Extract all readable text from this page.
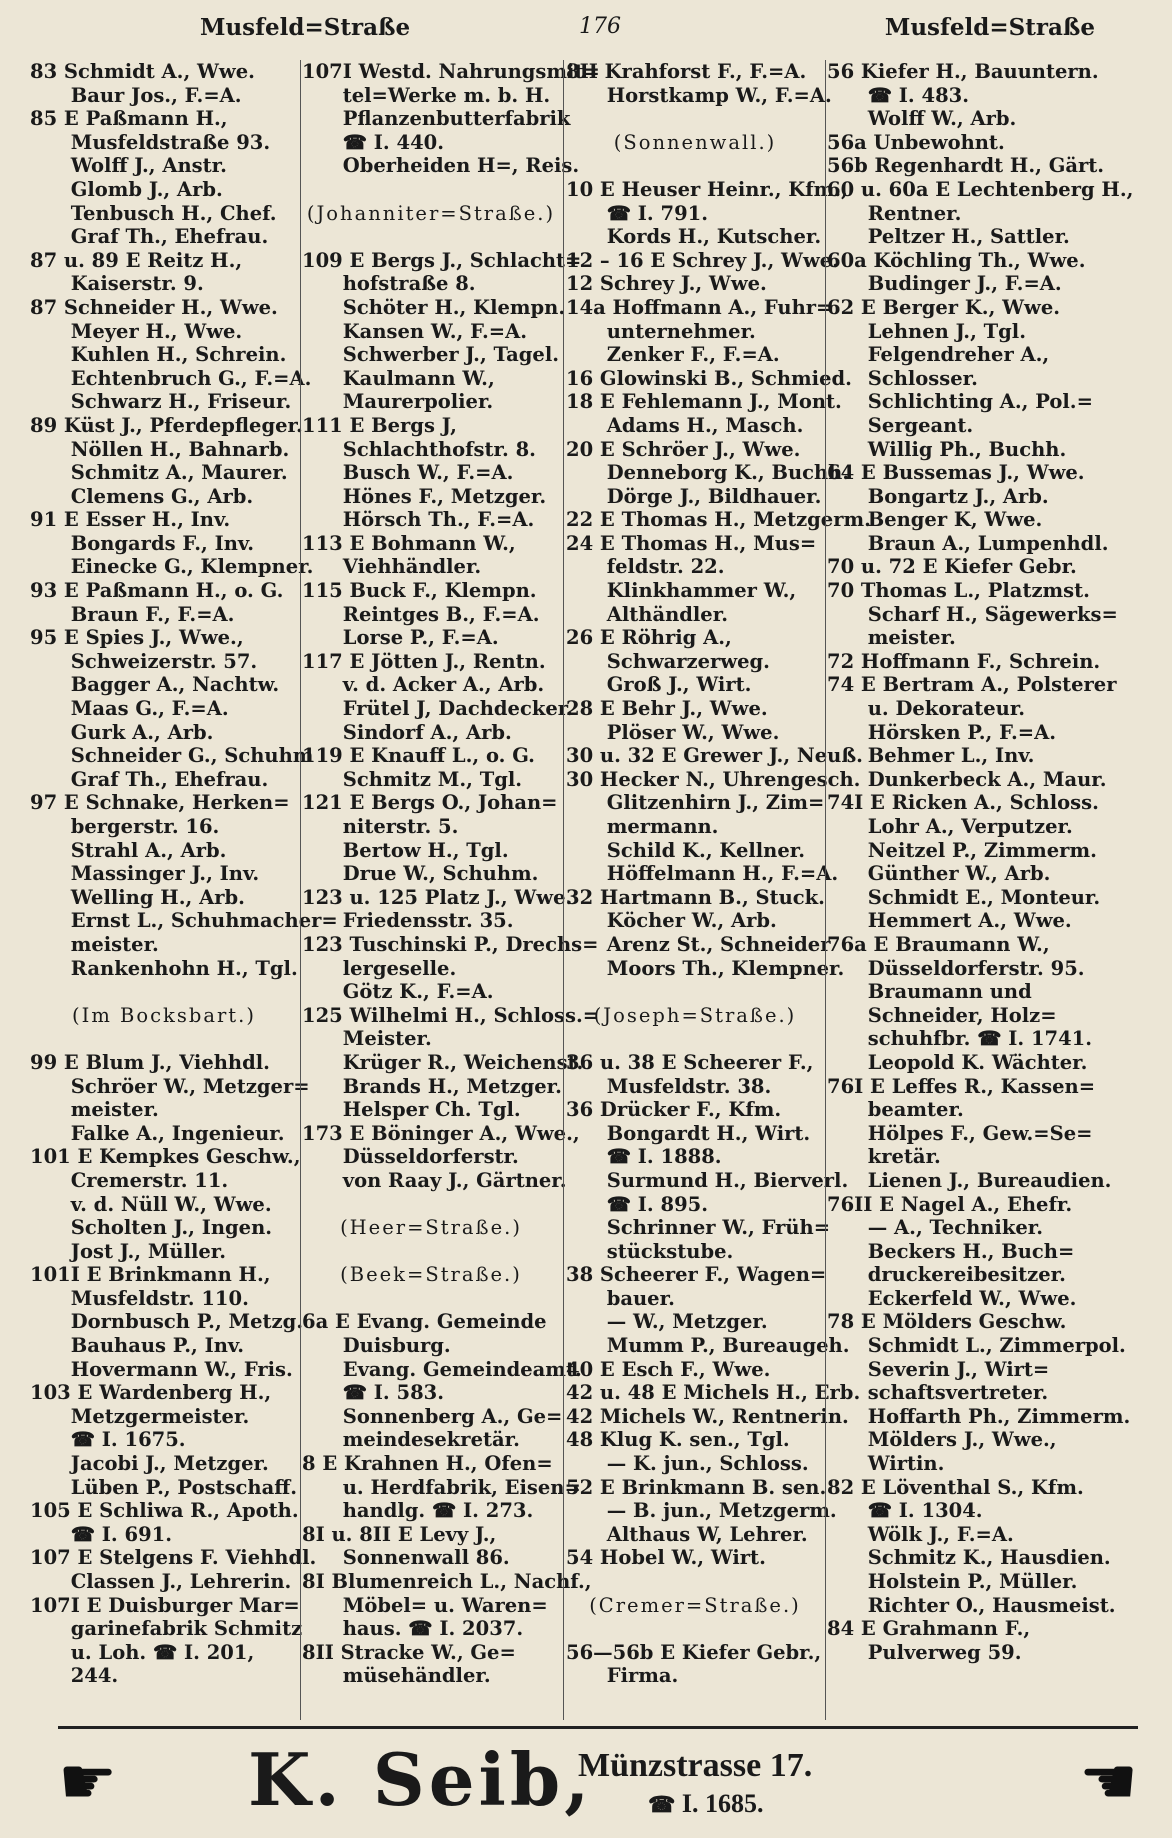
Musfeld=Straße	176	Musfeld=Straße
83 Schmidt A., Wwe.
Baur Jos., F.=A.
85 E Paßmann H.,
Musfeldstraße 93.
Wolff J., Anstr.
Glomb J., Arb.
Tenbusch H., Chef.
Graf Th., Ehefrau.
87 u. 89 E Reitz H.,
Kaiserstr. 9.
87 Schneider H., Wwe.
Meyer H., Wwe.
Kuhlen H., Schrein.
Echtenbruch G., F.=A.
Schwarz H., Friseur.
89 Küst J., Pferdepfleger.
Nöllen H., Bahnarb.
Schmitz A., Maurer.
Clemens G., Arb.
91 E Esser H., Inv.
Bongards F., Inv.
Einecke G., Klempner.
93 E Paßmann H., o. G.
Braun F., F.=A.
95 E Spies J., Wwe.,
Schweizerstr. 57.
Bagger A., Nachtw.
Maas G., F.=A.
Gurk A., Arb.
Schneider G., Schuhm
Graf Th., Ehefrau.
97 E Schnake, Herken=
bergerstr. 16.
Strahl A., Arb.
Massinger J., Inv.
Welling H., Arb.
Ernst L., Schuhmacher=
meister.
Rankenhohn H., Tgl.
(Im Bocksbart.)
99 E Blum J., Viehhdl.
Schröer W., Metzger=
meister.
Falke A., Ingenieur.
101 E Kempkes Geschw.,
Cremerstr. 11.
v. d. Nüll W., Wwe.
Scholten J., Ingen.
Jost J., Müller.
101I E Brinkmann H.,
Musfeldstr. 110.
Dornbusch P., Metzg.
Bauhaus P., Inv.
Hovermann W., Fris.
103 E Wardenberg H.,
Metzgermeister.
☎ I. 1675.
Jacobi J., Metzger.
Lüben P., Postschaff.
105 E Schliwa R., Apoth.
☎ I. 691.
107 E Stelgens F. Viehhdl.
Classen J., Lehrerin.
107I E Duisburger Mar=
garinefabrik Schmitz
u. Loh. ☎ I. 201,
244.
107I Westd. Nahrungsmit=
tel=Werke m. b. H.
Pflanzenbutterfabrik
☎ I. 440.
Oberheiden H=, Reis.
(Johanniter=Straße.)
109 E Bergs J., Schlacht=
hofstraße 8.
Schöter H., Klempn.
Kansen W., F.=A.
Schwerber J., Tagel.
Kaulmann W.,
Maurerpolier.
111 E Bergs J,
Schlachthofstr. 8.
Busch W., F.=A.
Hönes F., Metzger.
Hörsch Th., F.=A.
113 E Bohmann W.,
Viehhändler.
115 Buck F., Klempn.
Reintges B., F.=A.
Lorse P., F.=A.
117 E Jötten J., Rentn.
v. d. Acker A., Arb.
Frütel J, Dachdecker.
Sindorf A., Arb.
119 E Knauff L., o. G.
Schmitz M., Tgl.
121 E Bergs O., Johan=
niterstr. 5.
Bertow H., Tgl.
Drue W., Schuhm.
123 u. 125 Platz J., Wwe.
Friedensstr. 35.
123 Tuschinski P., Drechs=
lergeselle.
Götz K., F.=A.
125 Wilhelmi H., Schloss.=
Meister.
Krüger R., Weichenst.
Brands H., Metzger.
Helsper Ch. Tgl.
173 E Böninger A., Wwe.,
Düsseldorferstr.
von Raay J., Gärtner.
(Heer=Straße.)
(Beek=Straße.)
6a E Evang. Gemeinde
Duisburg.
Evang. Gemeindeamt.
☎ I. 583.
Sonnenberg A., Ge=
meindesekretär.
8 E Krahnen H., Ofen=
u. Herdfabrik, Eisen=
handlg. ☎ I. 273.
8I u. 8II E Levy J.,
Sonnenwall 86.
8I Blumenreich L., Nachf.,
Möbel= u. Waren=
haus. ☎ I. 2037.
8II Stracke W., Ge=
müsehändler.
8II Krahforst F., F.=A.
Horstkamp W., F.=A.
(Sonnenwall.)
10 E Heuser Heinr., Kfm.,
☎ I. 791.
Kords H., Kutscher.
12 – 16 E Schrey J., Wwe.
12 Schrey J., Wwe.
14a Hoffmann A., Fuhr=
unternehmer.
Zenker F., F.=A.
16 Glowinski B., Schmied.
18 E Fehlemann J., Mont.
Adams H., Masch.
20 E Schröer J., Wwe.
Denneborg K., Buchh.
Dörge J., Bildhauer.
22 E Thomas H., Metzgerm.
24 E Thomas H., Mus=
feldstr. 22.
Klinkhammer W.,
Althändler.
26 E Röhrig A.,
Schwarzerweg.
Groß J., Wirt.
28 E Behr J., Wwe.
Plöser W., Wwe.
30 u. 32 E Grewer J., Neuß.
30 Hecker N., Uhrengesch.
Glitzenhirn J., Zim=
mermann.
Schild K., Kellner.
Höffelmann H., F.=A.
32 Hartmann B., Stuck.
Köcher W., Arb.
Arenz St., Schneider
Moors Th., Klempner.
(Joseph=Straße.)
36 u. 38 E Scheerer F.,
Musfeldstr. 38.
36 Drücker F., Kfm.
Bongardt H., Wirt.
☎ I. 1888.
Surmund H., Bierverl.
☎ I. 895.
Schrinner W., Früh=
stückstube.
38 Scheerer F., Wagen=
bauer.
— W., Metzger.
Mumm P., Bureaugeh.
40 E Esch F., Wwe.
42 u. 48 E Michels H., Erb.
42 Michels W., Rentnerin.
48 Klug K. sen., Tgl.
— K. jun., Schloss.
52 E Brinkmann B. sen.
— B. jun., Metzgerm.
Althaus W, Lehrer.
54 Hobel W., Wirt.
(Cremer=Straße.)
56—56b E Kiefer Gebr.,
Firma.
56 Kiefer H., Bauuntern.
☎ I. 483.
Wolff W., Arb.
56a Unbewohnt.
56b Regenhardt H., Gärt.
60 u. 60a E Lechtenberg H.,
Rentner.
Peltzer H., Sattler.
60a Köchling Th., Wwe.
Budinger J., F.=A.
62 E Berger K., Wwe.
Lehnen J., Tgl.
Felgendreher A.,
Schlosser.
Schlichting A., Pol.=
Sergeant.
Willig Ph., Buchh.
64 E Bussemas J., Wwe.
Bongartz J., Arb.
Benger K, Wwe.
Braun A., Lumpenhdl.
70 u. 72 E Kiefer Gebr.
70 Thomas L., Platzmst.
Scharf H., Sägewerks=
meister.
72 Hoffmann F., Schrein.
74 E Bertram A., Polsterer
u. Dekorateur.
Hörsken P., F.=A.
Behmer L., Inv.
Dunkerbeck A., Maur.
74I E Ricken A., Schloss.
Lohr A., Verputzer.
Neitzel P., Zimmerm.
Günther W., Arb.
Schmidt E., Monteur.
Hemmert A., Wwe.
76a E Braumann W.,
Düsseldorferstr. 95.
Braumann und
Schneider, Holz=
schuhfbr. ☎ I. 1741.
Leopold K. Wächter.
76I E Leffes R., Kassen=
beamter.
Hölpes F., Gew.=Se=
kretär.
Lienen J., Bureaudien.
76II E Nagel A., Ehefr.
— A., Techniker.
Beckers H., Buch=
druckereibesitzer.
Eckerfeld W., Wwe.
78 E Mölders Geschw.
Schmidt L., Zimmerpol.
Severin J., Wirt=
schaftsvertreter.
Hoffarth Ph., Zimmerm.
Mölders J., Wwe.,
Wirtin.
82 E Löventhal S., Kfm.
☎ I. 1304.
Wölk J., F.=A.
Schmitz K., Hausdien.
Holstein P., Müller.
Richter O., Hausmeist.
84 E Grahmann F.,
Pulverweg 59.
☛ K. Seib,
Münzstrasse 17.
☎ I. 1685.	☛
